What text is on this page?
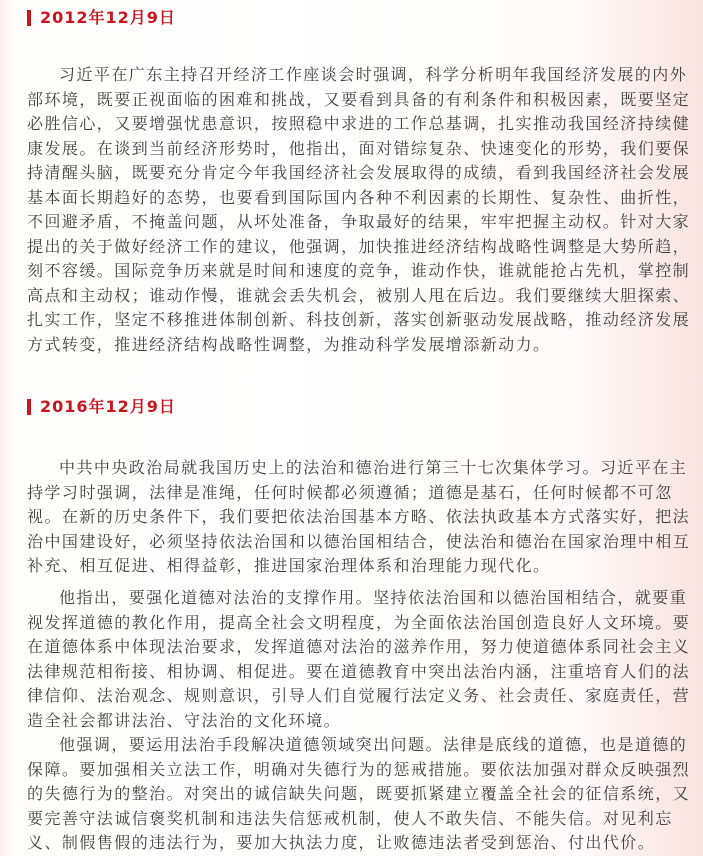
2012年12月9日
习近平在广东主持召开经济工作座谈会时强调，科学分析明年我国经济发展的内外
部环境，既要正视面临的困难和挑战，又要看到具备的有利条件和积极因素，既要坚定
必胜信心，又要增强忧患意识，按照稳中求进的工作总基调，扎实推动我国经济持续健
康发展。在谈到当前经济形势时，他指出，面对错综复杂、快速变化的形势，我们要保
持清醒头脑，既要充分肯定今年我国经济社会发展取得的成绩，看到我国经济社会发展
基本面长期趋好的态势，也要看到国际国内各种不利因素的长期性、复杂性、曲折性，
不回避矛盾，不掩盖问题，从坏处准备，争取最好的结果，牢牢把握主动权。针对大家
提出的关于做好经济工作的建议，他强调，加快推进经济结构战略性调整是大势所趋，
刻不容缓。国际竞争历来就是时间和速度的竞争，谁动作快，谁就能抢占先机，掌控制
高点和主动权；谁动作慢，谁就会丢失机会，被别人甩在后边。我们要继续大胆探索、
扎实工作，坚定不移推进体制创新、科技创新，落实创新驱动发展战略，推动经济发展
方式转变，推进经济结构战略性调整，为推动科学发展增添新动力。
2016年12月9日
中共中央政治局就我国历史上的法治和德治进行第三十七次集体学习。习近平在主
持学习时强调，法律是准绳，任何时候都必须遵循；道德是基石，任何时候都不可忽
视。在新的历史条件下，我们要把依法治国基本方略、依法执政基本方式落实好，把法
治中国建设好，必须坚持依法治国和以德治国相结合，使法治和德治在国家治理中相互
补充、相互促进、相得益彰，推进国家治理体系和治理能力现代化。
他指出，要强化道德对法治的支撑作用。坚持依法治国和以德治国相结合，就要重
视发挥道德的教化作用，提高全社会文明程度，为全面依法治国创造良好人文环境。要
在道德体系中体现法治要求，发挥道德对法治的滋养作用，努力使道德体系同社会主义
法律规范相衔接、相协调、相促进。要在道德教育中突出法治内涵，注重培育人们的法
律信仰、法治观念、规则意识，引导人们自觉履行法定义务、社会责任、家庭责任，营
造全社会都讲法治、守法治的文化环境。
他强调，要运用法治手段解决道德领域突出问题。法律是底线的道德，也是道德的
保障。要加强相关立法工作，明确对失德行为的惩戒措施。要依法加强对群众反映强烈
的失德行为的整治。对突出的诚信缺失问题，既要抓紧建立覆盖全社会的征信系统，又
要完善守法诚信褒奖机制和违法失信惩戒机制，使人不敢失信、不能失信。对见利忘
义、制假售假的违法行为，要加大执法力度，让败德违法者受到惩治、付出代价。
